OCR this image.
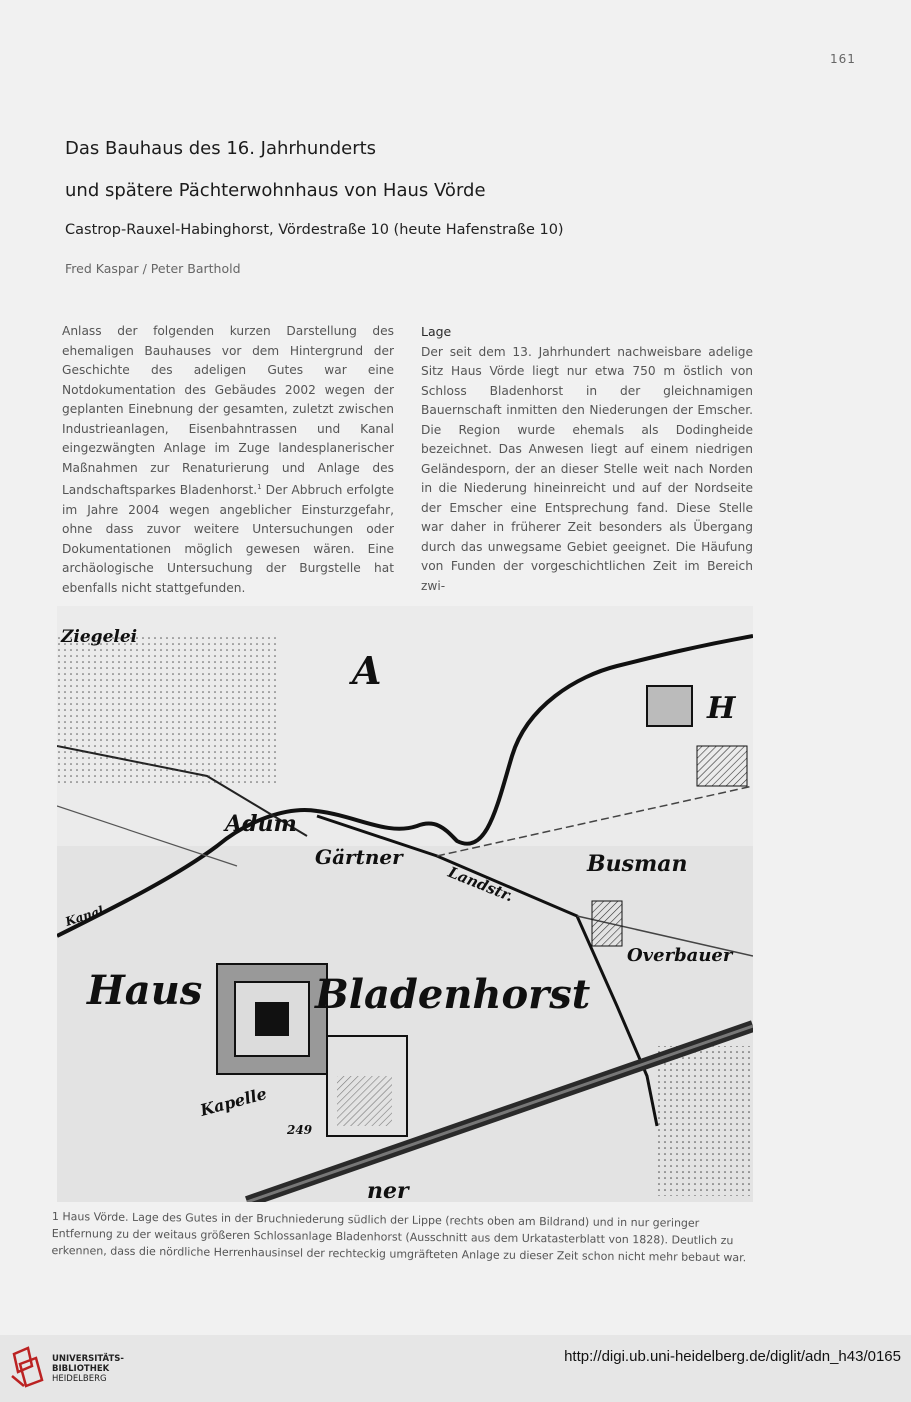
161
Das Bauhaus des 16. Jahrhunderts
und spätere Pächterwohnhaus von Haus Vörde
Castrop-Rauxel-Habinghorst, Vördestraße 10 (heute Hafenstraße 10)
Fred Kaspar / Peter Barthold
Anlass der folgenden kurzen Darstellung des ehemaligen Bauhauses vor dem Hintergrund der Geschichte des adeligen Gutes war eine Notdokumentation des Gebäudes 2002 wegen der geplanten Einebnung der gesamten, zuletzt zwischen Industrieanlagen, Eisenbahntrassen und Kanal eingezwängten Anlage im Zuge landesplanerischer Maßnahmen zur Renaturierung und Anlage des Landschaftsparkes Bladenhorst.$^1$ Der Abbruch erfolgte im Jahre 2004 wegen angeblicher Einsturzgefahr, ohne dass zuvor weitere Untersuchungen oder Dokumentationen möglich gewesen wären. Eine archäologische Untersuchung der Burgstelle hat ebenfalls nicht stattgefunden.
Lage
Der seit dem 13. Jahrhundert nachweisbare adelige Sitz Haus Vörde liegt nur etwa 750 m östlich von Schloss Bladenhorst in der gleichnamigen Bauernschaft inmitten den Niederungen der Emscher. Die Region wurde ehemals als Dodingheide bezeichnet. Das Anwesen liegt auf einem niedrigen Geländesporn, der an dieser Stelle weit nach Norden in die Niederung hineinreicht und auf der Nordseite der Emscher eine Entsprechung fand. Diese Stelle war daher in früherer Zeit besonders als Übergang durch das unwegsame Gebiet geeignet. Die Häufung von Funden der vorgeschichtlichen Zeit im Bereich zwi-
Ziegelei
A
Adum
Gärtner
Landstr.	Busman
Kanal
Haus	Bladenhorst
Overbauer
Kapelle
249
ner
H
1 Haus Vörde. Lage des Gutes in der Bruchniederung südlich der Lippe (rechts oben am Bildrand) und in nur geringer Entfernung zu der weitaus größeren Schlossanlage Bladenhorst (Ausschnitt aus dem Urkatasterblatt von 1828). Deutlich zu erkennen, dass die nördliche Herrenhausinsel der rechteckig umgräfteten Anlage zu dieser Zeit schon nicht mehr bebaut war.
UNIVERSITÄTS-
BIBLIOTHEK
HEIDELBERG
http://digi.ub.uni-heidelberg.de/diglit/adn_h43/0165
